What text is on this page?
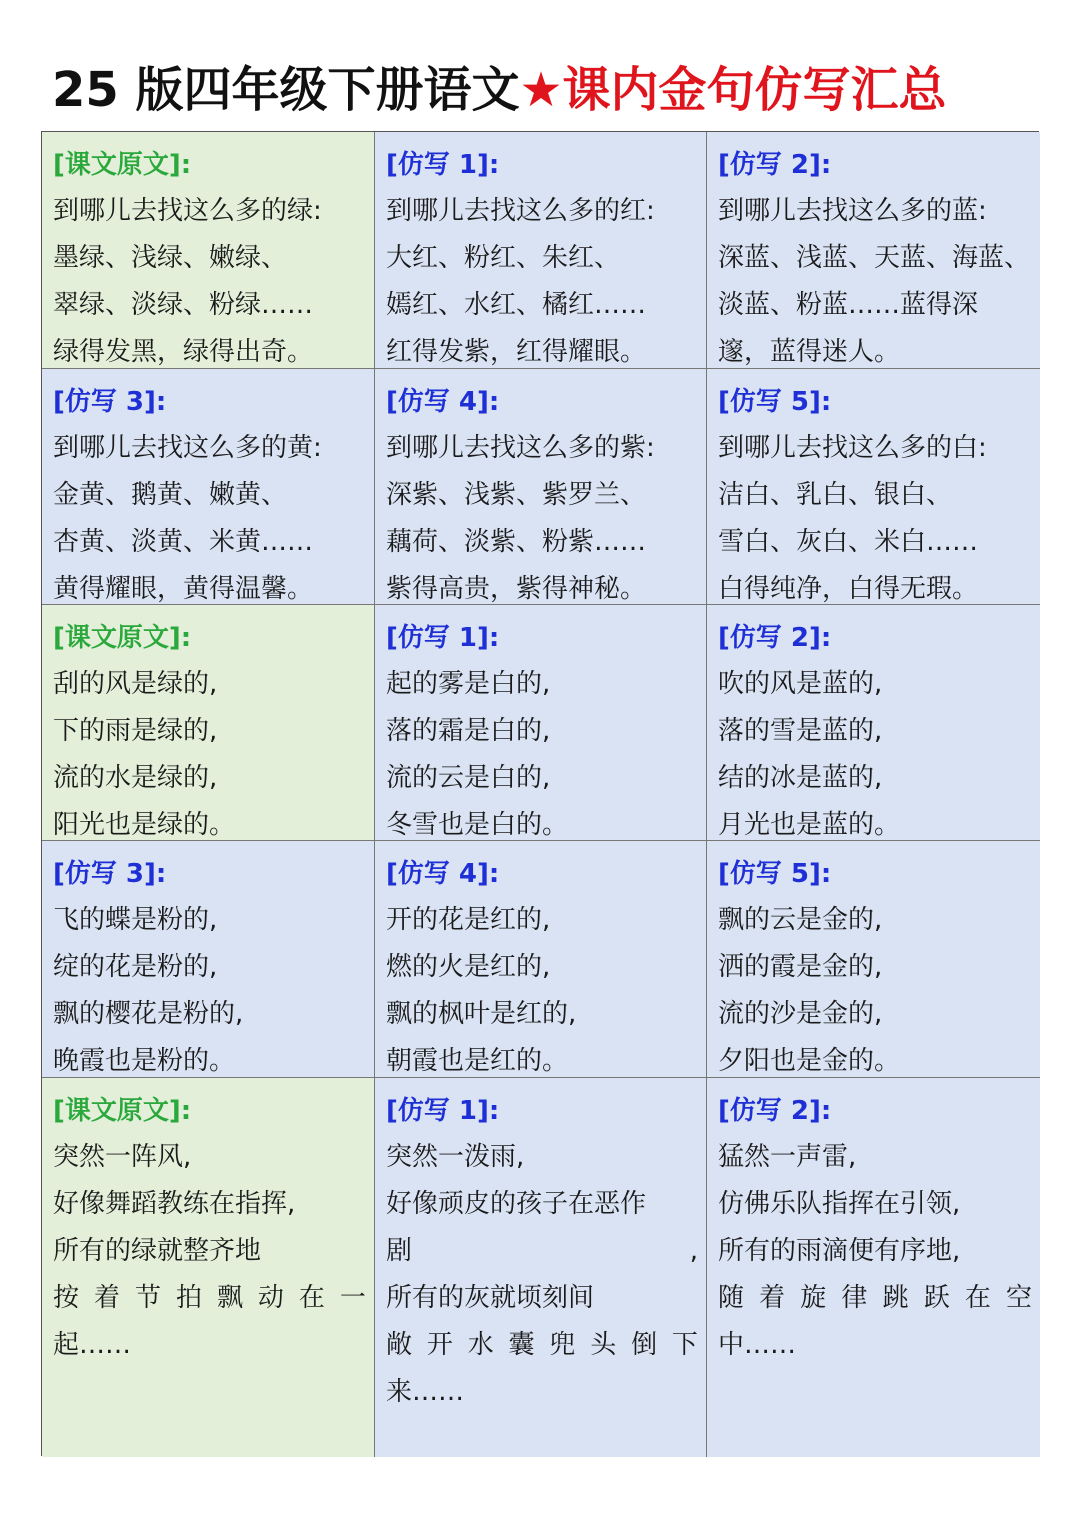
25 版四年级下册语文★课内金句仿写汇总
[课文原文]:
到哪儿去找这么多的绿:
墨绿、浅绿、嫩绿、
翠绿、淡绿、粉绿……
绿得发黑，绿得出奇。
[仿写 1]:
到哪儿去找这么多的红:
大红、粉红、朱红、
嫣红、水红、橘红……
红得发紫，红得耀眼。
[仿写 2]:
到哪儿去找这么多的蓝:
深蓝、浅蓝、天蓝、海蓝、
淡蓝、粉蓝……蓝得深
邃，蓝得迷人。
[仿写 3]:
到哪儿去找这么多的黄:
金黄、鹅黄、嫩黄、
杏黄、淡黄、米黄……
黄得耀眼，黄得温馨。
[仿写 4]:
到哪儿去找这么多的紫:
深紫、浅紫、紫罗兰、
藕荷、淡紫、粉紫……
紫得高贵，紫得神秘。
[仿写 5]:
到哪儿去找这么多的白:
洁白、乳白、银白、
雪白、灰白、米白……
白得纯净，白得无瑕。
[课文原文]:
刮的风是绿的,
下的雨是绿的,
流的水是绿的,
阳光也是绿的。
[仿写 1]:
起的雾是白的,
落的霜是白的,
流的云是白的,
冬雪也是白的。
[仿写 2]:
吹的风是蓝的,
落的雪是蓝的,
结的冰是蓝的,
月光也是蓝的。
[仿写 3]:
飞的蝶是粉的,
绽的花是粉的,
飘的樱花是粉的,
晚霞也是粉的。
[仿写 4]:
开的花是红的,
燃的火是红的,
飘的枫叶是红的,
朝霞也是红的。
[仿写 5]:
飘的云是金的,
洒的霞是金的,
流的沙是金的,
夕阳也是金的。
[课文原文]:
突然一阵风,
好像舞蹈教练在指挥,
所有的绿就整齐地
按 着 节 拍 飘 动 在 一
起……
[仿写 1]:
突然一泼雨,
好像顽皮的孩子在恶作
剧	,
所有的灰就顷刻间
敞 开 水 囊 兜 头 倒 下
来……
[仿写 2]:
猛然一声雷,
仿佛乐队指挥在引领,
所有的雨滴便有序地,
随 着 旋 律 跳 跃 在 空
中……
